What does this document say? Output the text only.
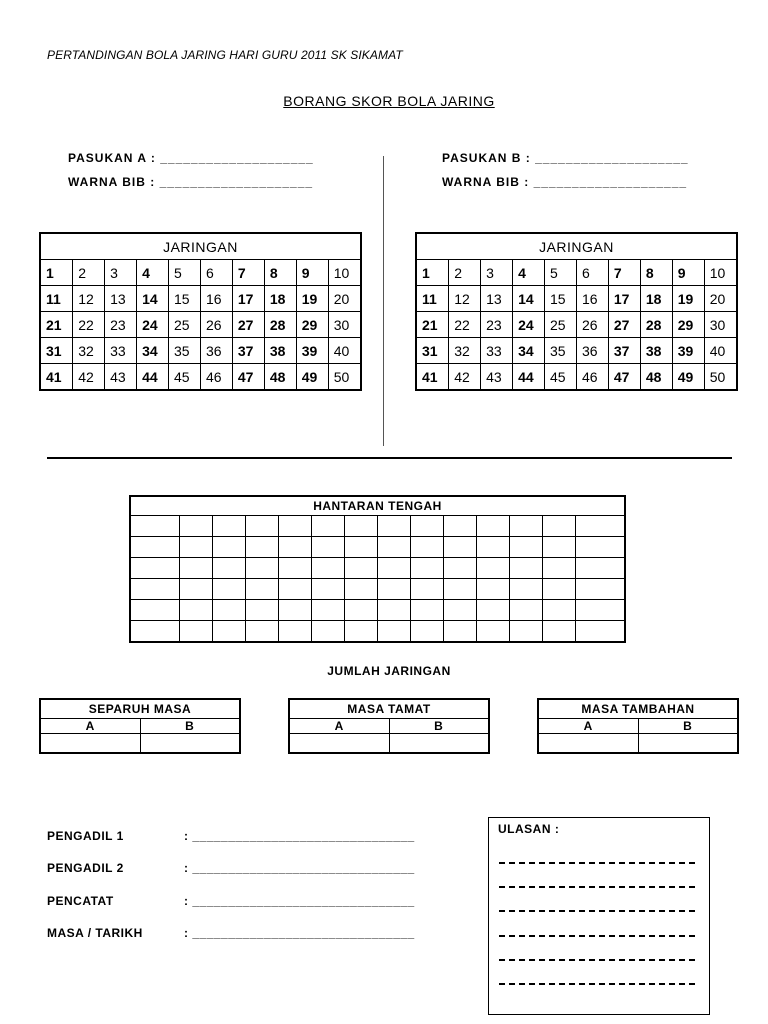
PERTANDINGAN BOLA JARING HARI GURU 2011 SK SIKAMAT
BORANG SKOR BOLA JARING
PASUKAN A : ____________________
WARNA BIB : ____________________
PASUKAN B : ____________________
WARNA BIB : ____________________
JARINGAN									
1	2	3	4	5	6	7	8	9	10
11	12	13	14	15	16	17	18	19	20
21	22	23	24	25	26	27	28	29	30
31	32	33	34	35	36	37	38	39	40
41	42	43	44	45	46	47	48	49	50
JARINGAN									
1	2	3	4	5	6	7	8	9	10
11	12	13	14	15	16	17	18	19	20
21	22	23	24	25	26	27	28	29	30
31	32	33	34	35	36	37	38	39	40
41	42	43	44	45	46	47	48	49	50
HANTARAN TENGAH													

JUMLAH JARINGAN
SEPARUH MASA	
A	B

MASA TAMAT	
A	B

MASA TAMBAHAN	
A	B

PENGADIL 1	: _______________________________
PENGADIL 2	: _______________________________
PENCATAT	: _______________________________
MASA / TARIKH	: _______________________________
ULASAN :
